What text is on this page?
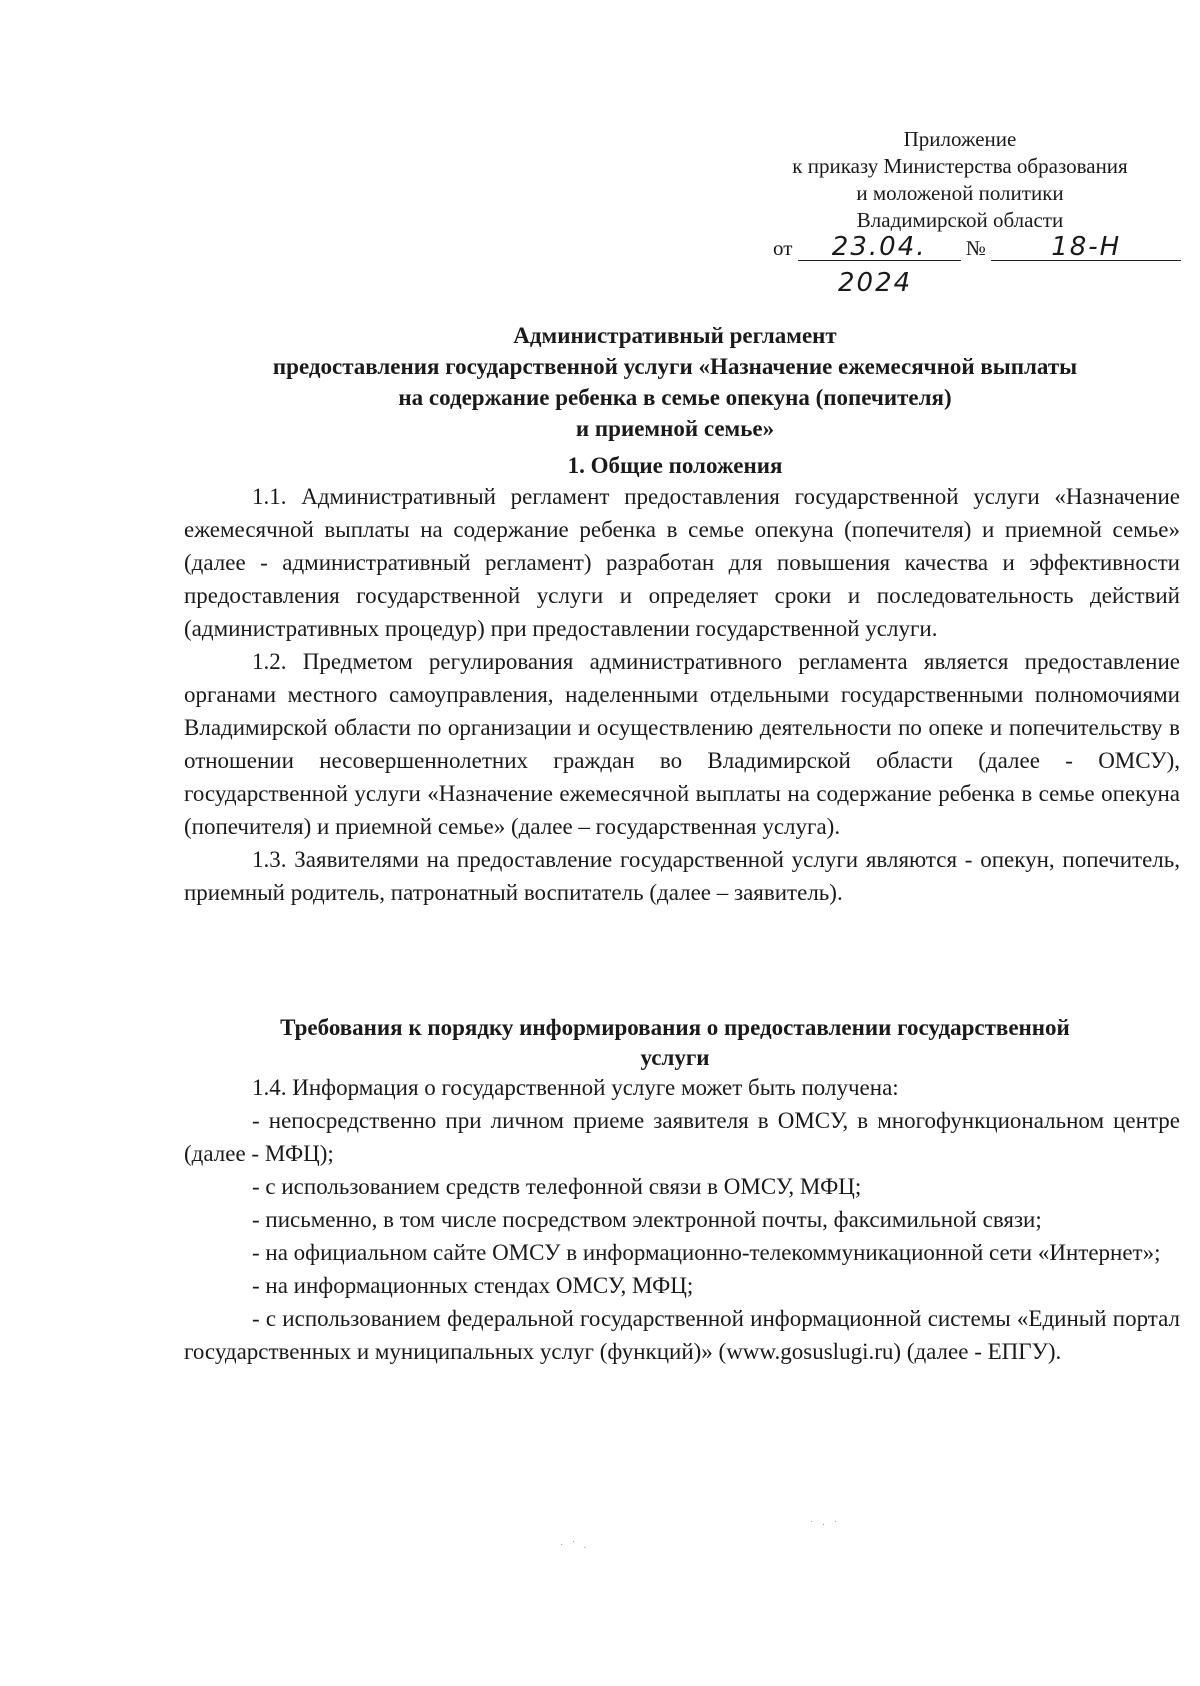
Приложение
к приказу Министерства образования
и моложеной политики
Владимирской области
от 23.04. №	18-Н
2024
Административный регламент
предоставления государственной услуги «Назначение ежемесячной выплаты
на содержание ребенка в семье опекуна (попечителя)
и приемной семье»
1. Общие положения

1.1. Административный регламент предоставления государственной услуги «Назначение ежемесячной выплаты на содержание ребенка в семье опекуна (попечителя) и приемной семье» (далее - административный регламент) разработан для повышения качества и эффективности предоставления государственной услуги и определяет сроки и последовательность действий (административных процедур) при предоставлении государственной услуги.

1.2. Предметом регулирования административного регламента является предоставление органами местного самоуправления, наделенными отдельными государственными полномочиями Владимирской области по организации и осуществлению деятельности по опеке и попечительству в отношении несовершеннолетних граждан во Владимирской области (далее - ОМСУ), государственной услуги «Назначение ежемесячной выплаты на содержание ребенка в семье опекуна (попечителя) и приемной семье» (далее – государственная услуга).

1.3. Заявителями на предоставление государственной услуги являются - опекун, попечитель, приемный родитель, патронатный воспитатель (далее – заявитель).

Требования к порядку информирования о предоставлении государственной
услуги

1.4. Информация о государственной услуге может быть получена:

- непосредственно при личном приеме заявителя в ОМСУ, в многофункциональном центре (далее - МФЦ);

- с использованием средств телефонной связи в ОМСУ, МФЦ;

- письменно, в том числе посредством электронной почты, факсимильной связи;

- на официальном сайте ОМСУ в информационно-телекоммуникационной сети «Интернет»;

- на информационных стендах ОМСУ, МФЦ;

- с использованием федеральной государственной информационной системы «Единый портал государственных и муниципальных услуг (функций)» (www.gosuslugi.ru) (далее - ЕПГУ).

· ˙ .
˙ · ˙
